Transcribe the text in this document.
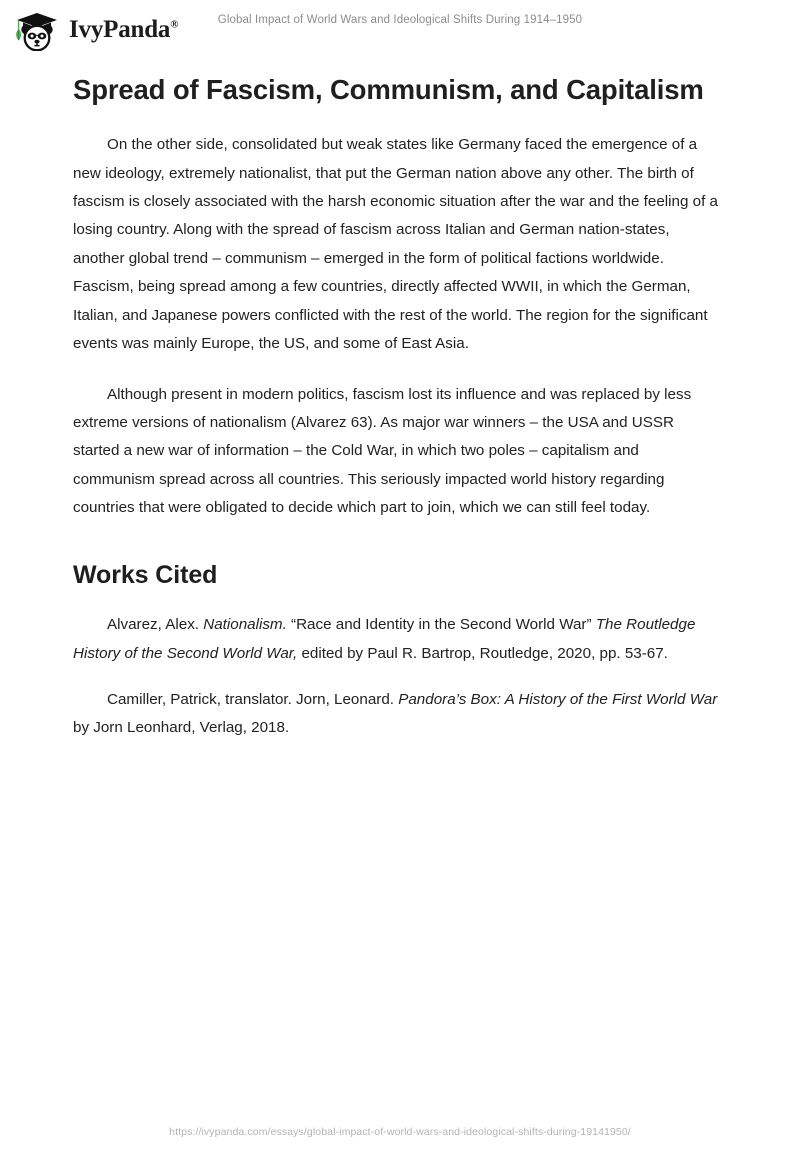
IvyPanda®	Global Impact of World Wars and Ideological Shifts During 1914–1950
Spread of Fascism, Communism, and Capitalism

On the other side, consolidated but weak states like Germany faced the emergence of a new ideology, extremely nationalist, that put the German nation above any other. The birth of fascism is closely associated with the harsh economic situation after the war and the feeling of a losing country. Along with the spread of fascism across Italian and German nation-states, another global trend – communism – emerged in the form of political factions worldwide. Fascism, being spread among a few countries, directly affected WWII, in which the German, Italian, and Japanese powers conflicted with the rest of the world. The region for the significant events was mainly Europe, the US, and some of East Asia.

Although present in modern politics, fascism lost its influence and was replaced by less extreme versions of nationalism (Alvarez 63). As major war winners – the USA and USSR started a new war of information – the Cold War, in which two poles – capitalism and communism spread across all countries. This seriously impacted world history regarding countries that were obligated to decide which part to join, which we can still feel today.

Works Cited

Alvarez, Alex. Nationalism. “Race and Identity in the Second World War” The Routledge History of the Second World War, edited by Paul R. Bartrop, Routledge, 2020, pp. 53-67.

Camiller, Patrick, translator. Jorn, Leonard. Pandora’s Box: A History of the First World War by Jorn Leonhard, Verlag, 2018.

https://ivypanda.com/essays/global-impact-of-world-wars-and-ideological-shifts-during-19141950/
